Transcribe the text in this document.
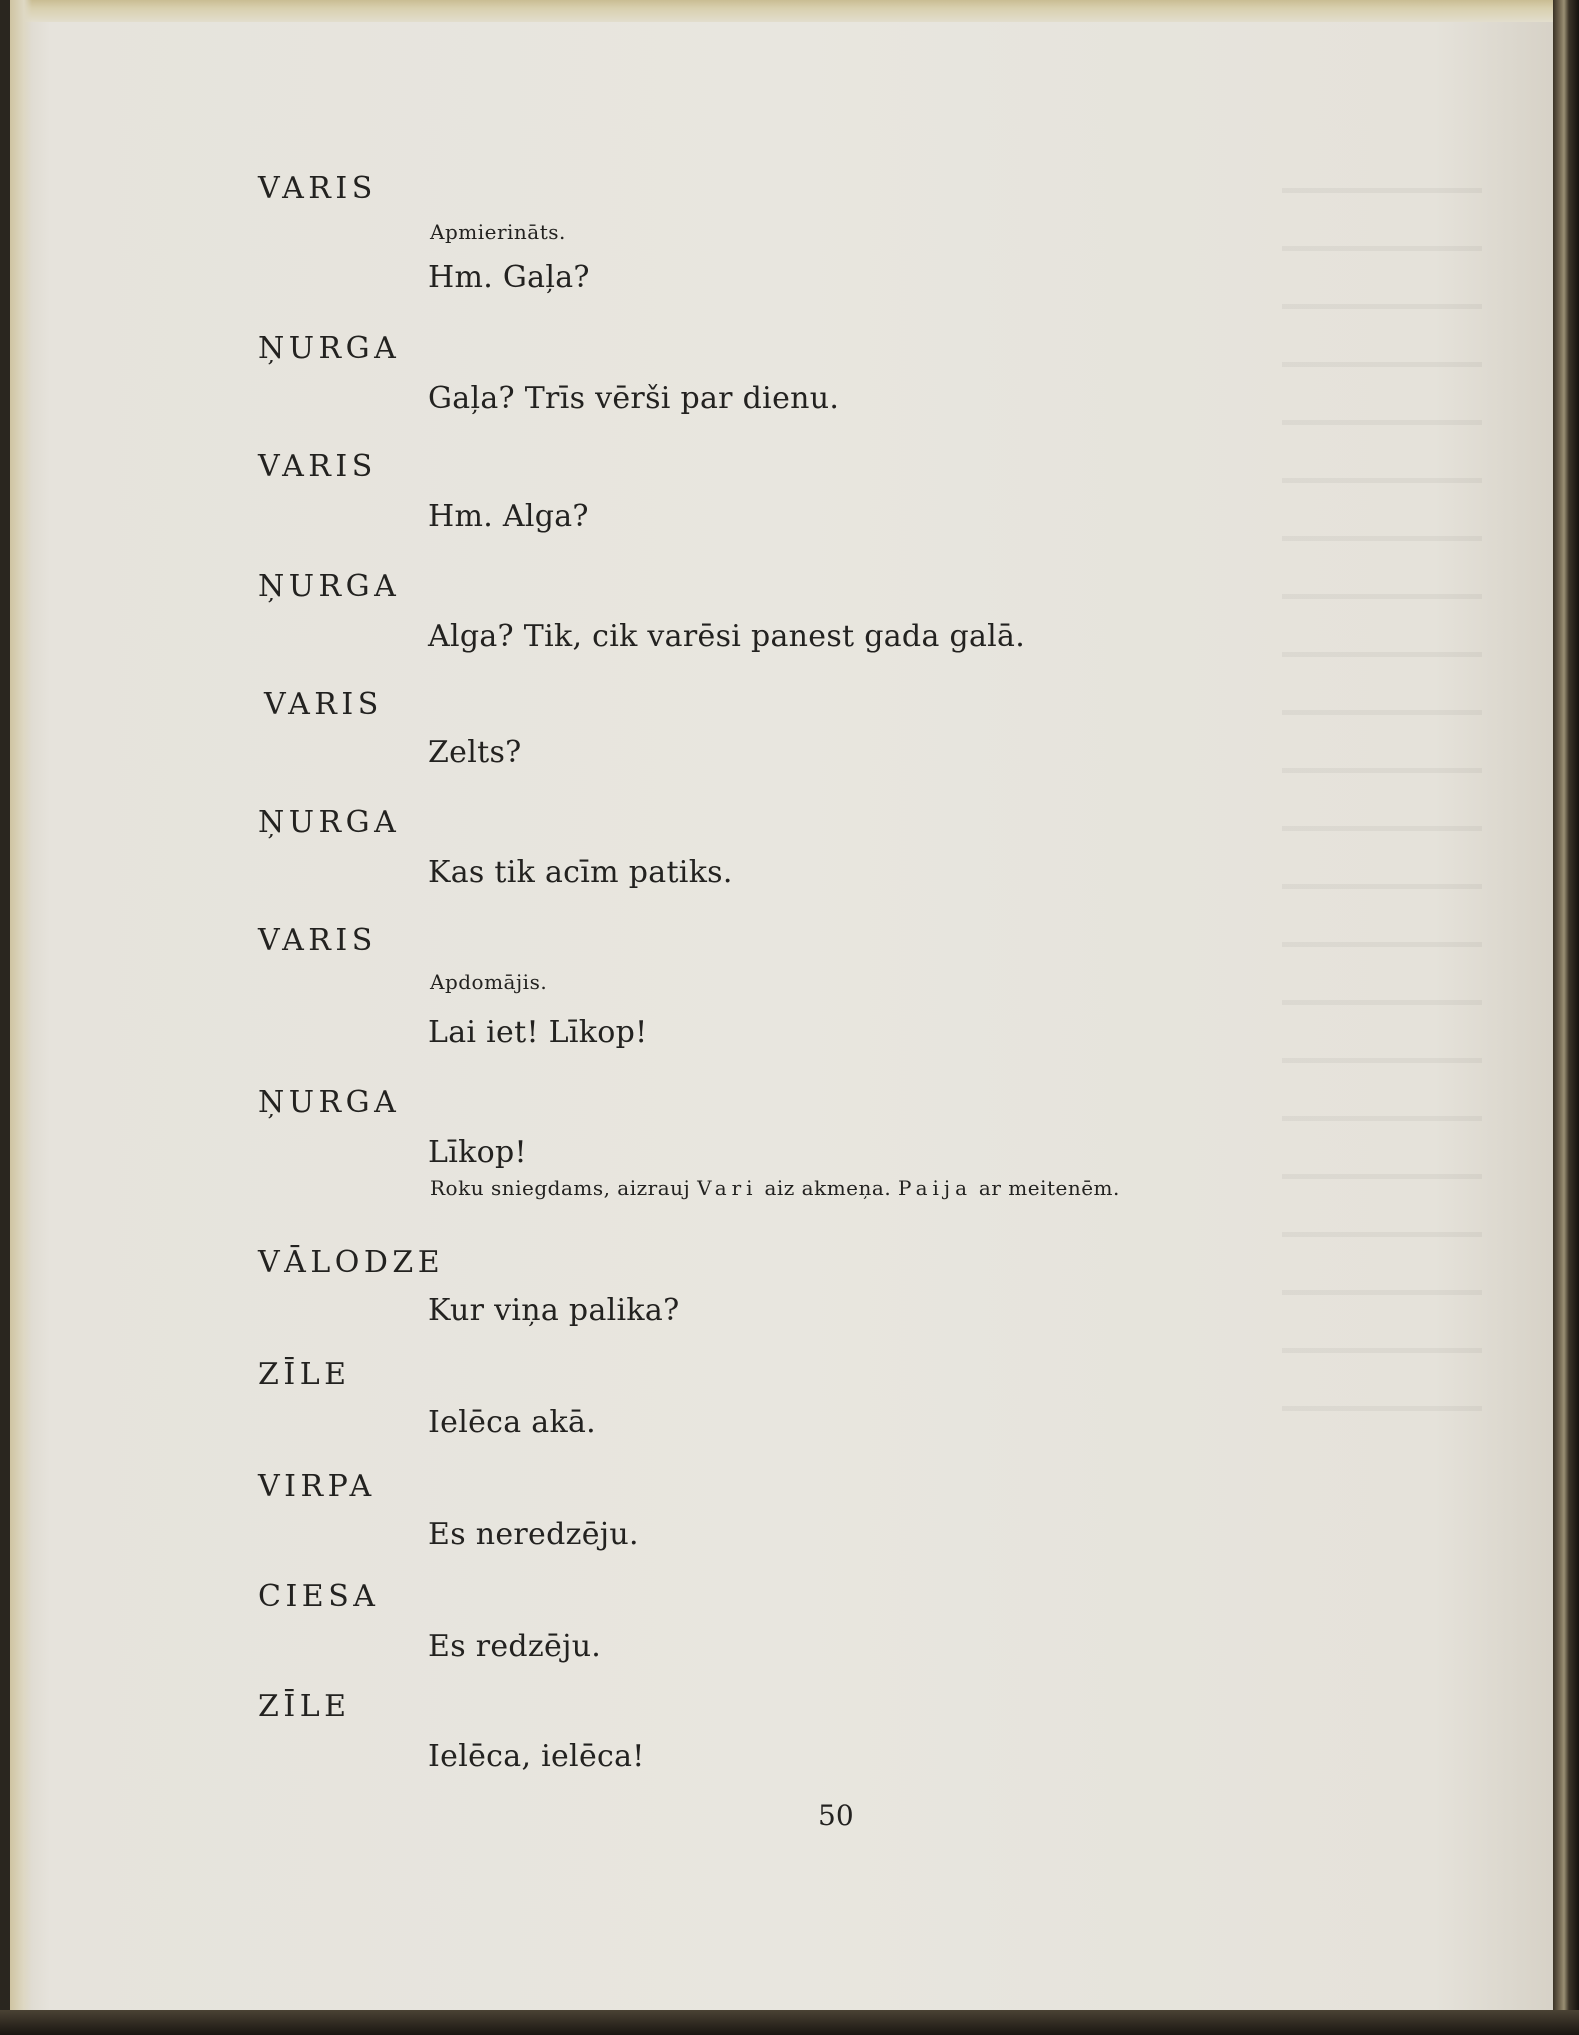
VARIS

Apmierināts.

Hm. Gaļa?

ŅURGA

Gaļa? Trīs vērši par dienu.

VARIS

Hm. Alga?

ŅURGA

Alga? Tik, cik varēsi panest gada galā.

VARIS

Zelts?

ŅURGA

Kas tik acīm patiks.

VARIS

Apdomājis.

Lai iet! Līkop!

ŅURGA

Līkop!

Roku sniegdams, aizrauj Vari aiz akmeņa. Paija ar meitenēm.

VĀLODZE

Kur viņa palika?

ZĪLE

Ielēca akā.

VIRPA

Es neredzēju.

CIESA

Es redzēju.

ZĪLE

Ielēca, ielēca!

50
